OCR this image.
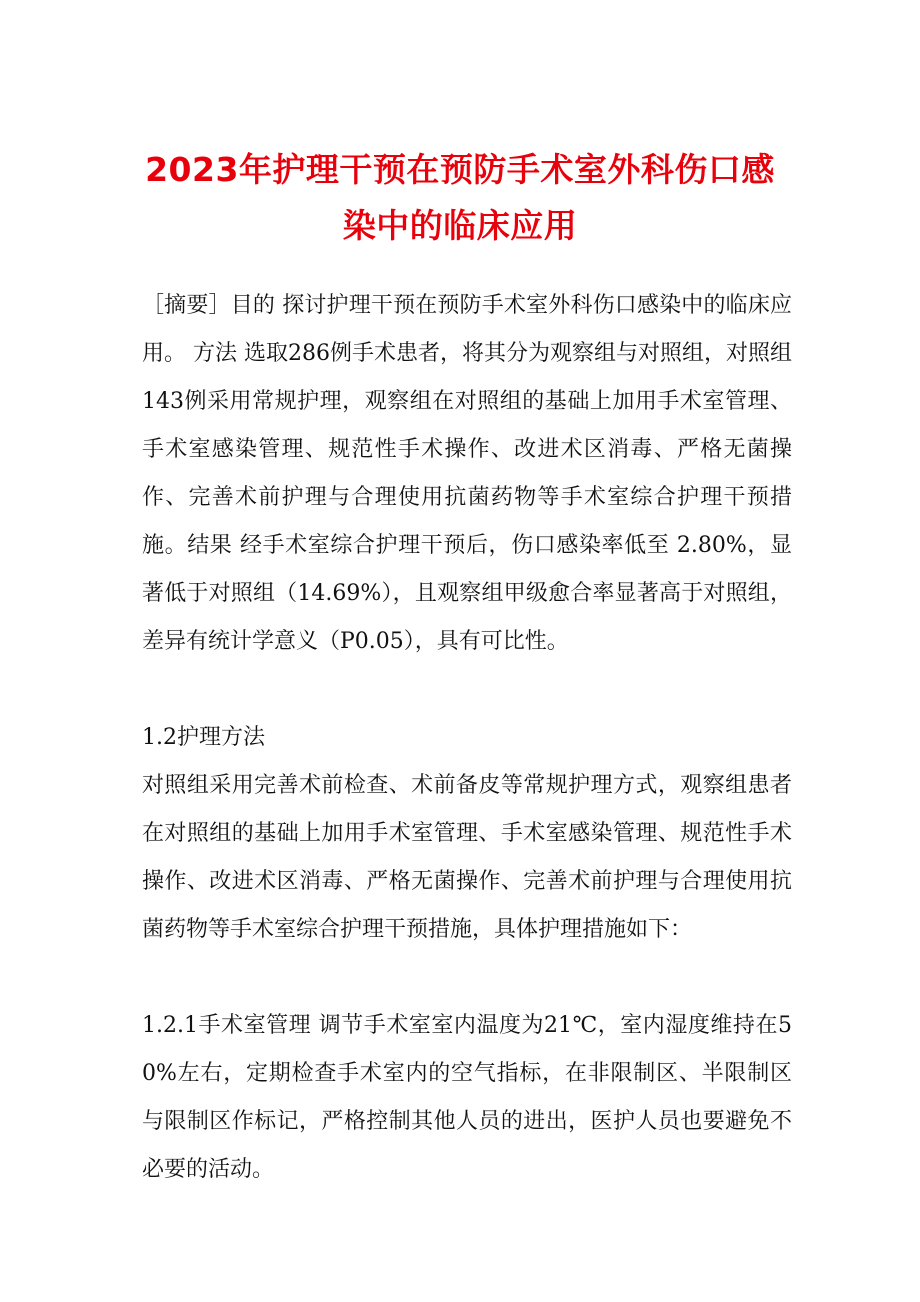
2023年护理干预在预防手术室外科伤口感
染中的临床应用

［摘要］目的 探讨护理干预在预防手术室外科伤口感染中的临床应用。 方法 选取286例手术患者，将其分为观察组与对照组，对照组143例采用常规护理，观察组在对照组的基础上加用手术室管理、手术室感染管理、规范性手术操作、改进术区消毒、严格无菌操作、完善术前护理与合理使用抗菌药物等手术室综合护理干预措施。结果 经手术室综合护理干预后，伤口感染率低至 2.80%，显著低于对照组（14.69%），且观察组甲级愈合率显著高于对照组，差异有统计学意义（P0.05），具有可比性。

1.2护理方法

对照组采用完善术前检查、术前备皮等常规护理方式，观察组患者在对照组的基础上加用手术室管理、手术室感染管理、规范性手术操作、改进术区消毒、严格无菌操作、完善术前护理与合理使用抗菌药物等手术室综合护理干预措施，具体护理措施如下：

1.2.1手术室管理 调节手术室室内温度为21℃，室内湿度维持在50%左右，定期检查手术室内的空气指标，在非限制区、半限制区与限制区作标记，严格控制其他人员的进出，医护人员也要避免不必要的活动。
